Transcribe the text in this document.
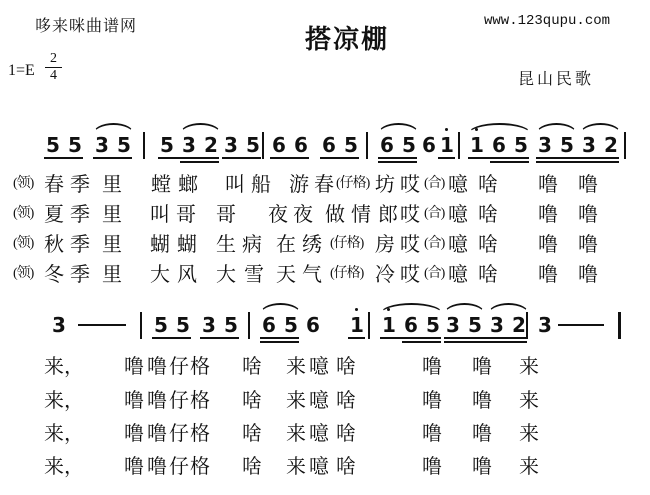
哆来咪曲谱网	搭凉棚
www.123qupu.com
1=E
2
4	昆山民歌
5 5 3 5 5 3 2 3 5 6 6 6 5 6 5 6 1 1 6 5 3 5 3 2
(领) 春 季 里 螳 螂 叫 船 游 春 (仔格) 坊 哎 (合) 噫 啥 噜 噜
(领) 夏 季 里 叫 哥 哥 夜 夜 做 情 郎 哎 (合) 噫 啥 噜 噜
(领) 秋 季 里 蝴 蝴 生 病 在 绣 (仔格) 房 哎 (合) 噫 啥 噜 噜
(领) 冬 季 里 大 风 大 雪 天 气 (仔格) 冷 哎 (合) 噫 啥 噜 噜
3	5 5 3 5 6 5 6 1 1 6 5 3 5 3 2 3
来， 噜 噜 仔 格 啥 来 噫 啥	噜 噜 来
来， 噜 噜 仔 格 啥 来 噫 啥	噜 噜 来
来， 噜 噜 仔 格 啥 来 噫 啥	噜 噜 来
来， 噜 噜 仔 格 啥 来 噫 啥	噜 噜 来
